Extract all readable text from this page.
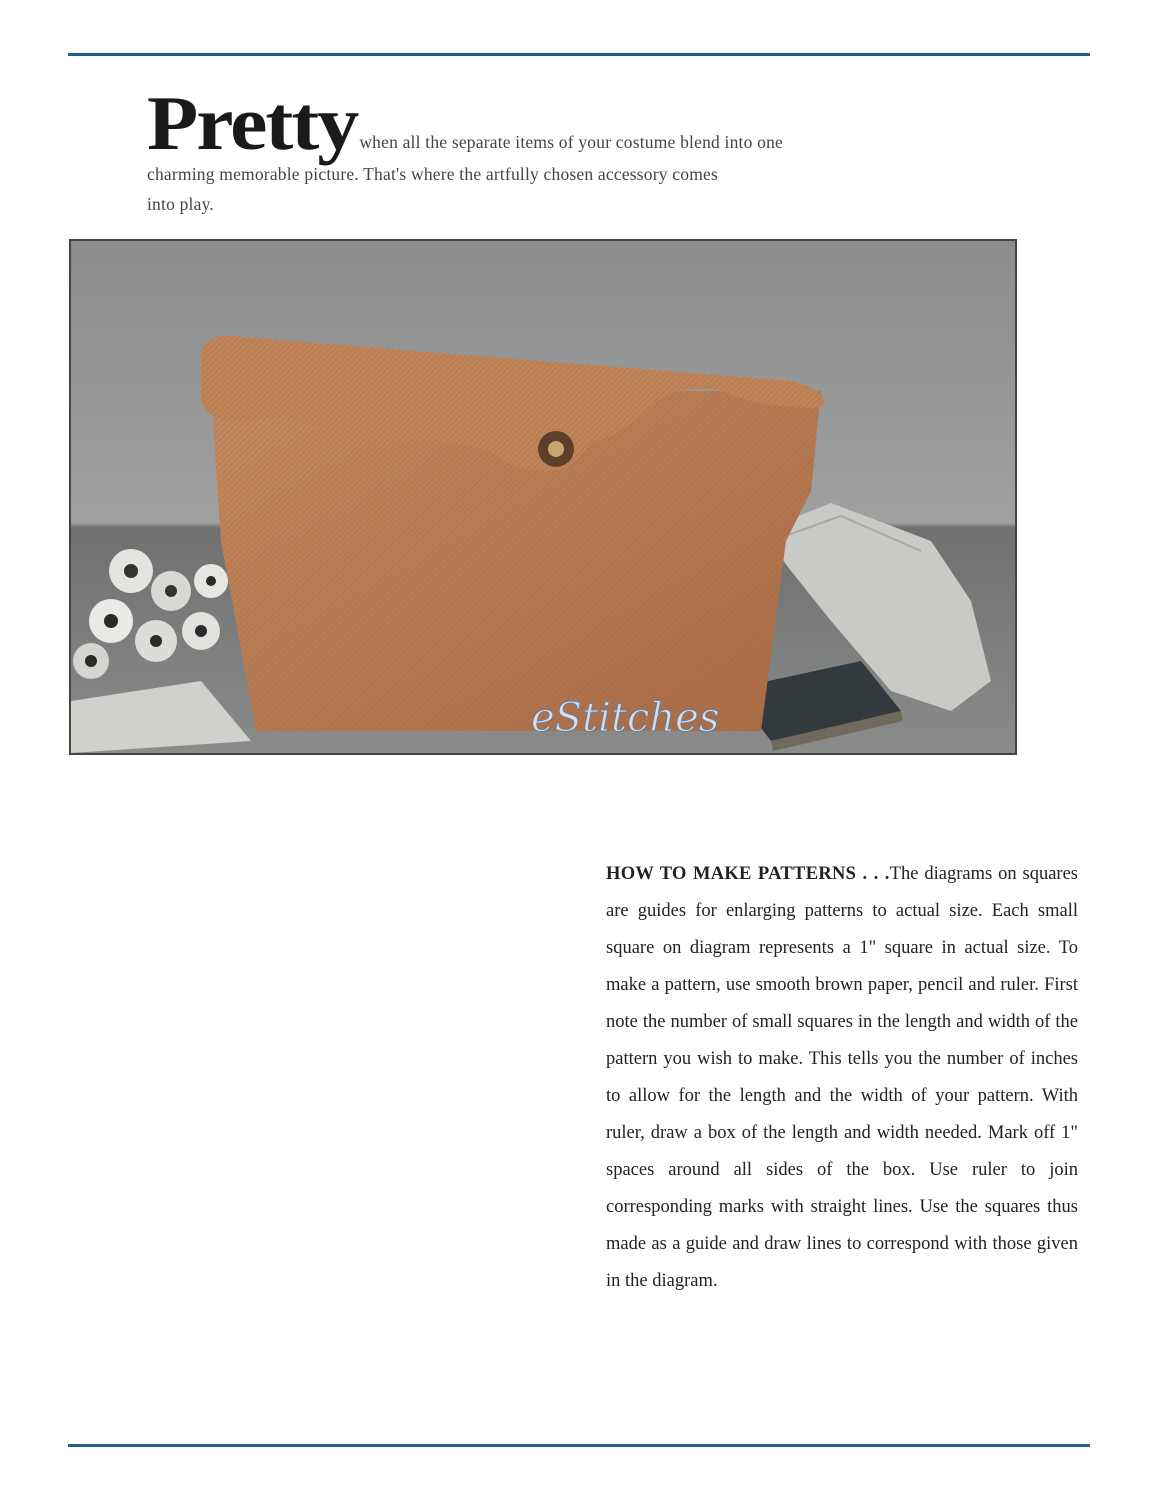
Pretty when all the separate items of your costume blend into one
charming memorable picture. That's where the artfully chosen accessory comes
into play.
eStitches
HOW TO MAKE PATTERNS . . .The diagrams on squares are guides for enlarging patterns to actual size. Each small square on diagram represents a 1" square in actual size. To make a pattern, use smooth brown paper, pencil and ruler. First note the number of small squares in the length and width of the pattern you wish to make. This tells you the number of inches to allow for the length and the width of your pattern. With ruler, draw a box of the length and width needed. Mark off 1" spaces around all sides of the box. Use ruler to join corresponding marks with straight lines. Use the squares thus made as a guide and draw lines to correspond with those given in the diagram.
